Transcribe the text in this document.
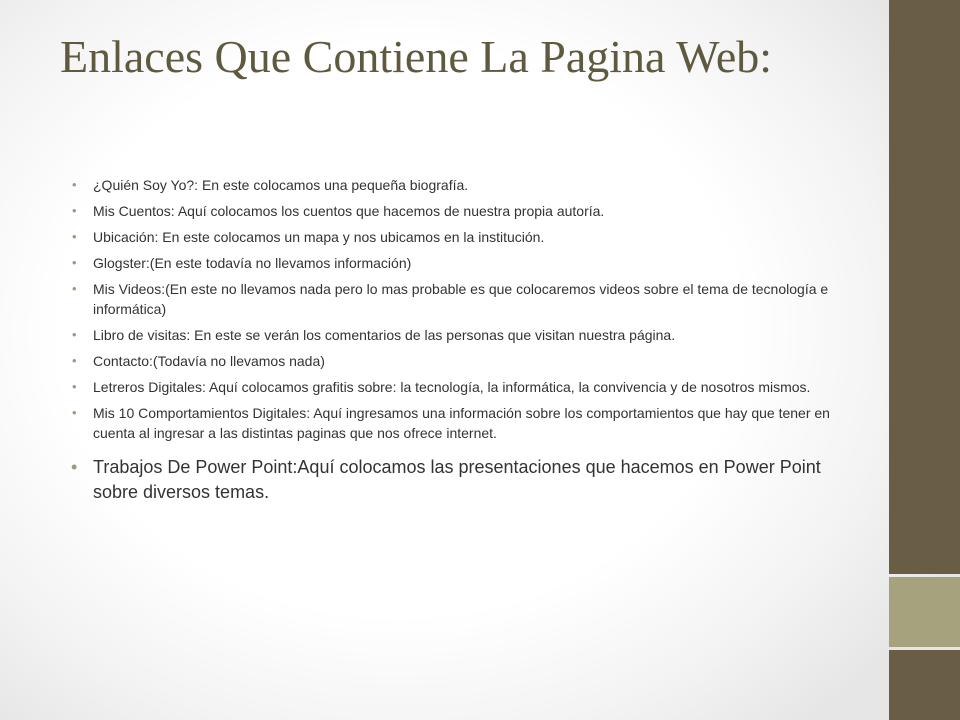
Enlaces Que Contiene La Pagina Web:
• ¿Quién Soy Yo?: En este colocamos una pequeña biografía.
• Mis Cuentos: Aquí colocamos los cuentos que hacemos de nuestra propia autoría.
• Ubicación: En este colocamos un mapa y nos ubicamos en la institución.
• Glogster:(En este todavía no llevamos información)
• Mis Videos:(En este no llevamos nada pero lo mas probable es que colocaremos videos sobre el tema de tecnología e informática)
• Libro de visitas: En este se verán los comentarios de las personas que visitan nuestra página.
• Contacto:(Todavía no llevamos nada)
• Letreros Digitales: Aquí colocamos grafitis sobre: la tecnología, la informática, la convivencia y de nosotros mismos.
• Mis 10 Comportamientos Digitales: Aquí ingresamos una información sobre los comportamientos que hay que tener en cuenta al ingresar a las distintas paginas que nos ofrece internet.
• Trabajos De Power Point:Aquí colocamos las presentaciones que hacemos en Power Point sobre diversos temas.
